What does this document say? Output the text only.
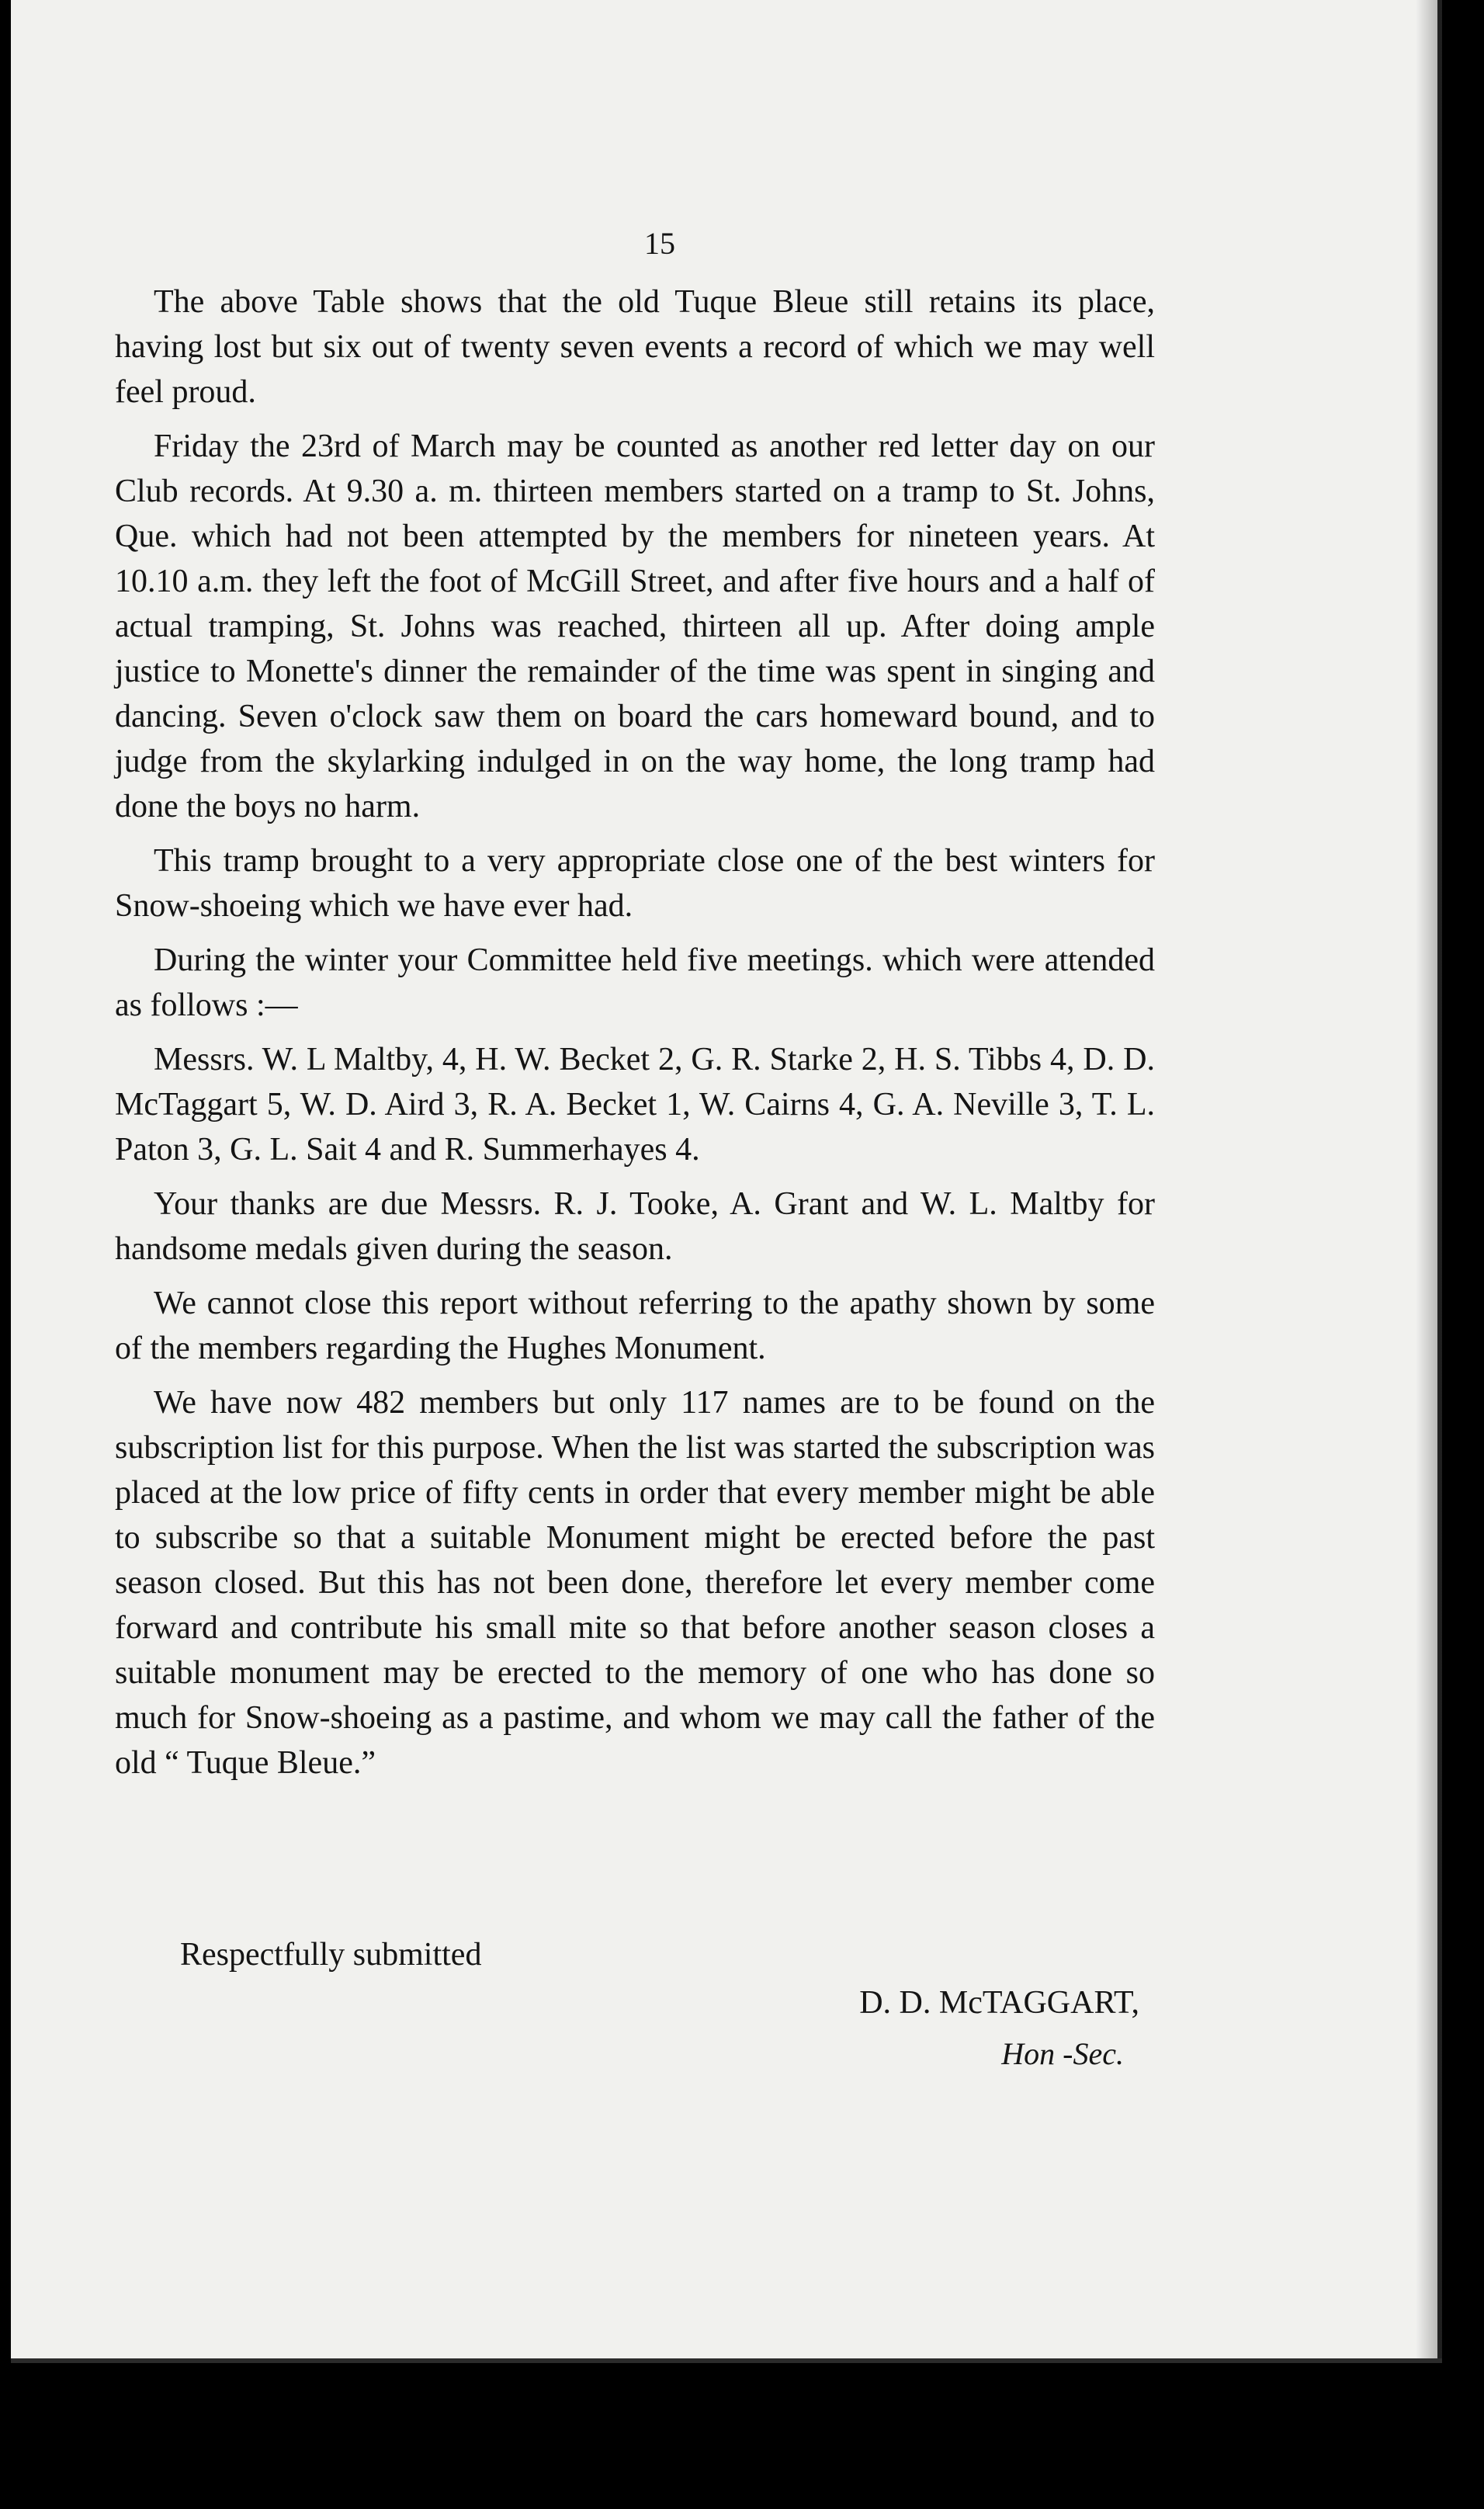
15

The above Table shows that the old Tuque Bleue still retains its place, having lost but six out of twenty seven events a record of which we may well feel proud.

Friday the 23rd of March may be counted as another red letter day on our Club records. At 9.30 a. m. thirteen members started on a tramp to St. Johns, Que. which had not been attempted by the members for nineteen years. At 10.10 a.m. they left the foot of McGill Street, and after five hours and a half of actual tramping, St. Johns was reached, thirteen all up. After doing ample justice to Monette's dinner the remainder of the time was spent in singing and dancing. Seven o'clock saw them on board the cars homeward bound, and to judge from the skylarking indulged in on the way home, the long tramp had done the boys no harm.

This tramp brought to a very appropriate close one of the best winters for Snow-shoeing which we have ever had.

During the winter your Committee held five meetings. which were attended as follows :—

Messrs. W. L Maltby, 4, H. W. Becket 2, G. R. Starke 2, H. S. Tibbs 4, D. D. McTaggart 5, W. D. Aird 3, R. A. Becket 1, W. Cairns 4, G. A. Neville 3, T. L. Paton 3, G. L. Sait 4 and R. Summerhayes 4.

Your thanks are due Messrs. R. J. Tooke, A. Grant and W. L. Maltby for handsome medals given during the season.

We cannot close this report without referring to the apathy shown by some of the members regarding the Hughes Monument.

We have now 482 members but only 117 names are to be found on the subscription list for this purpose. When the list was started the subscription was placed at the low price of fifty cents in order that every member might be able to subscribe so that a suitable Monument might be erected before the past season closed. But this has not been done, therefore let every member come forward and contribute his small mite so that before another season closes a suitable monument may be erected to the memory of one who has done so much for Snow-shoeing as a pastime, and whom we may call the father of the old “ Tuque Bleue.”

Respectfully submitted
D. D. McTAGGART,
Hon -Sec.
